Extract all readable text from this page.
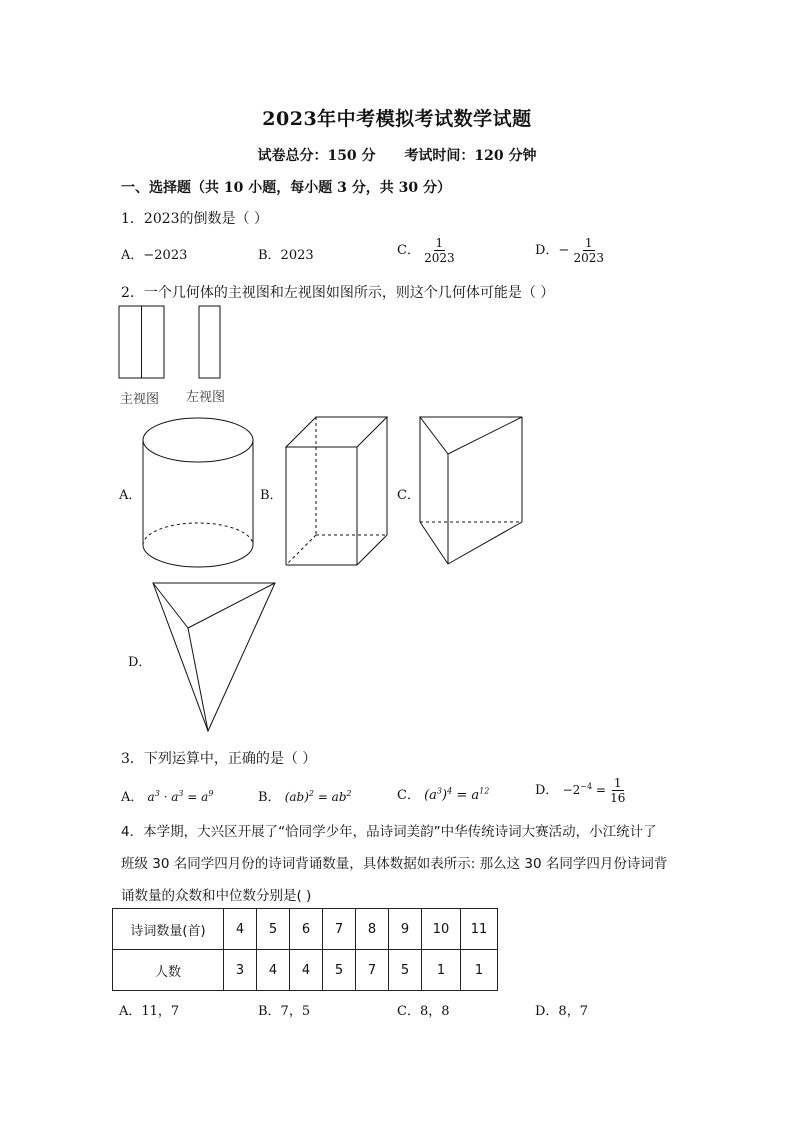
2023年中考模拟考试数学试题
试卷总分：150 分 考试时间：120 分钟
一、选择题（共 10 小题，每小题 3 分，共 30 分）
1．2023的倒数是（ ）
A．−2023	B．2023	C． $\frac{1}{2023}$	D．− $\frac{1}{2023}$
2．一个几何体的主视图和左视图如图所示，则这个几何体可能是（ ）
主视图 左视图
A．	B．	C．
D．
3．下列运算中，正确的是（ ）
A． $a^3 \cdot a^3 = a^9$	B． $(ab)^2 = ab^2$	C． $(a^3)^4 = a^{12}$	D． $-2^{-4} = \frac{1}{16}$
4．本学期，大兴区开展了“恰同学少年，品诗词美韵”中华传统诗词大赛活动，小江统计了
班级 30 名同学四月份的诗词背诵数量，具体数据如表所示: 那么这 30 名同学四月份诗词背
诵数量的众数和中位数分别是( )
诗词数量(首)	4	5	6	7	8	9	10	11
人数	3	4	4	5	7	5	1	1
A．11，7	B．7，5	C．8，8	D．8，7
